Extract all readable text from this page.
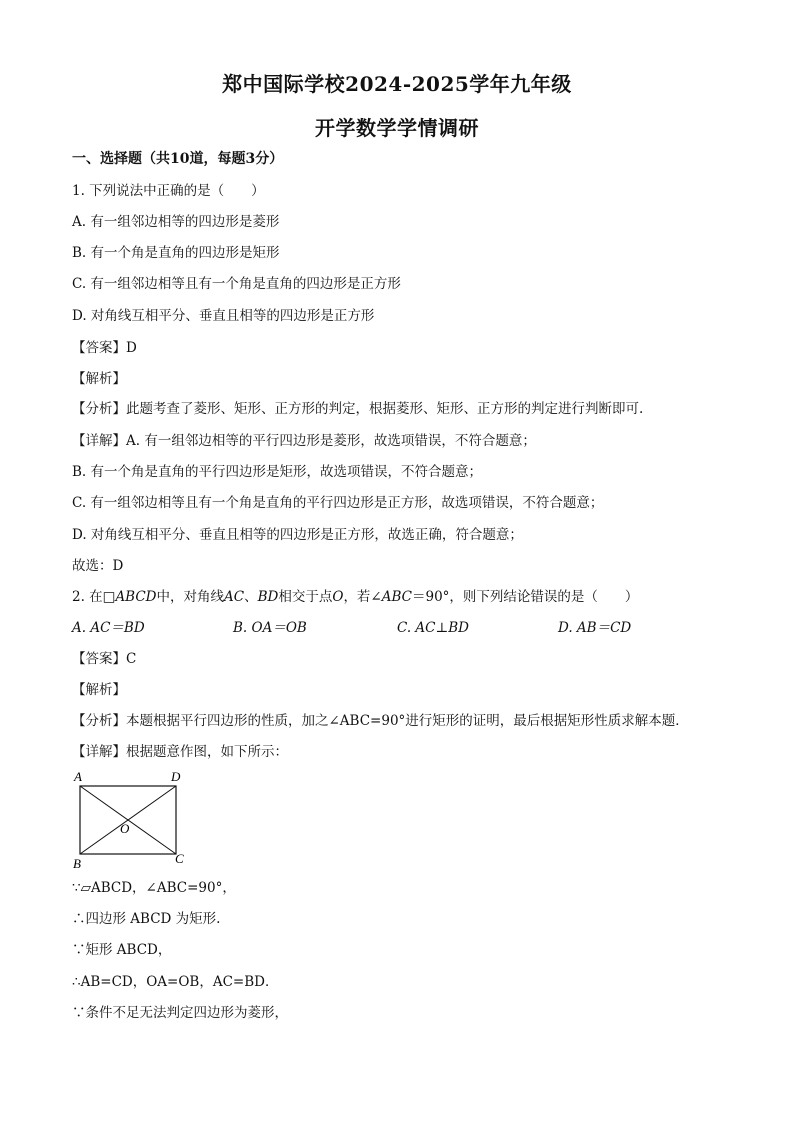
郑中国际学校2024-2025学年九年级
开学数学学情调研
一、选择题（共10道，每题3分）
1. 下列说法中正确的是（　　）
A. 有一组邻边相等的四边形是菱形
B. 有一个角是直角的四边形是矩形
C. 有一组邻边相等且有一个角是直角的四边形是正方形
D. 对角线互相平分、垂直且相等的四边形是正方形
【答案】D
【解析】
【分析】此题考查了菱形、矩形、正方形的判定，根据菱形、矩形、正方形的判定进行判断即可.
【详解】A. 有一组邻边相等的平行四边形是菱形，故选项错误，不符合题意；
B. 有一个角是直角的平行四边形是矩形，故选项错误，不符合题意；
C. 有一组邻边相等且有一个角是直角的平行四边形是正方形，故选项错误，不符合题意；
D. 对角线互相平分、垂直且相等的四边形是正方形，故选正确，符合题意；
故选：D
2. 在□ABCD中，对角线AC、BD相交于点O，若∠ABC＝90°，则下列结论错误的是（　　）
A. AC＝BD	B. OA＝OB	C. AC⊥BD	D. AB＝CD
【答案】C
【解析】
【分析】本题根据平行四边形的性质，加之∠ABC=90°进行矩形的证明，最后根据矩形性质求解本题．
【详解】根据题意作图，如下所示：
A	D
B	C
O
∵▱ABCD，∠ABC=90°，
∴四边形 ABCD 为矩形.
∵矩形 ABCD，
∴AB=CD，OA=OB，AC=BD．
∵条件不足无法判定四边形为菱形，
